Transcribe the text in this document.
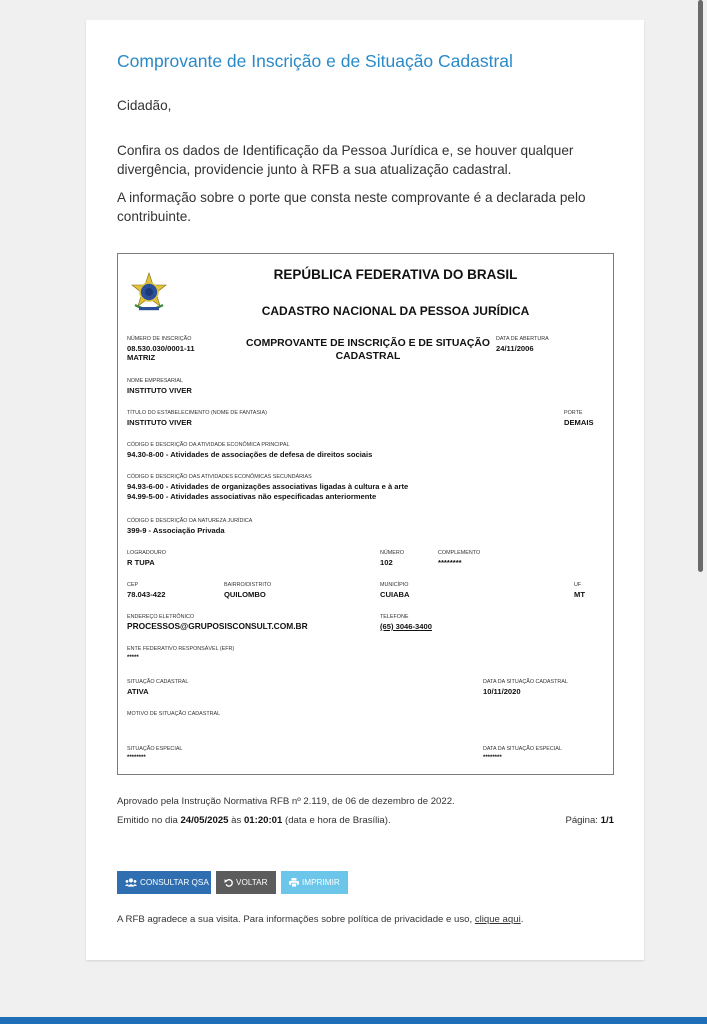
Comprovante de Inscrição e de Situação Cadastral

Cidadão,

Confira os dados de Identificação da Pessoa Jurídica e, se houver qualquer divergência, providencie junto à RFB a sua atualização cadastral.

A informação sobre o porte que consta neste comprovante é a declarada pelo contribuinte.

REPÚBLICA FEDERATIVA DO BRASIL
CADASTRO NACIONAL DA PESSOA JURÍDICA
NÚMERO DE INSCRIÇÃO
08.530.030/0001-11
MATRIZ
COMPROVANTE DE INSCRIÇÃO E DE SITUAÇÃO CADASTRAL
DATA DE ABERTURA
24/11/2006
NOME EMPRESARIAL
INSTITUTO VIVER
TÍTULO DO ESTABELECIMENTO (NOME DE FANTASIA)
INSTITUTO VIVER
PORTE
DEMAIS
CÓDIGO E DESCRIÇÃO DA ATIVIDADE ECONÔMICA PRINCIPAL
94.30-8-00 - Atividades de associações de defesa de direitos sociais
CÓDIGO E DESCRIÇÃO DAS ATIVIDADES ECONÔMICAS SECUNDÁRIAS
94.93-6-00 - Atividades de organizações associativas ligadas à cultura e à arte
94.99-5-00 - Atividades associativas não especificadas anteriormente
CÓDIGO E DESCRIÇÃO DA NATUREZA JURÍDICA
399-9 - Associação Privada
LOGRADOURO
R TUPA
NÚMERO
102
COMPLEMENTO
********
CEP
78.043-422
BAIRRO/DISTRITO
QUILOMBO
MUNICÍPIO
CUIABA
UF
MT
ENDEREÇO ELETRÔNICO
PROCESSOS@GRUPOSISCONSULT.COM.BR
TELEFONE
(65) 3046-3400
ENTE FEDERATIVO RESPONSÁVEL (EFR)
*****
SITUAÇÃO CADASTRAL
ATIVA
DATA DA SITUAÇÃO CADASTRAL
10/11/2020
MOTIVO DE SITUAÇÃO CADASTRAL
SITUAÇÃO ESPECIAL
********
DATA DA SITUAÇÃO ESPECIAL
********
Aprovado pela Instrução Normativa RFB nº 2.119, de 06 de dezembro de 2022.
Emitido no dia 24/05/2025 às 01:20:01 (data e hora de Brasília).	Página: 1/1
CONSULTAR QSA	VOLTAR	IMPRIMIR
A RFB agradece a sua visita. Para informações sobre política de privacidade e uso, clique aqui.
